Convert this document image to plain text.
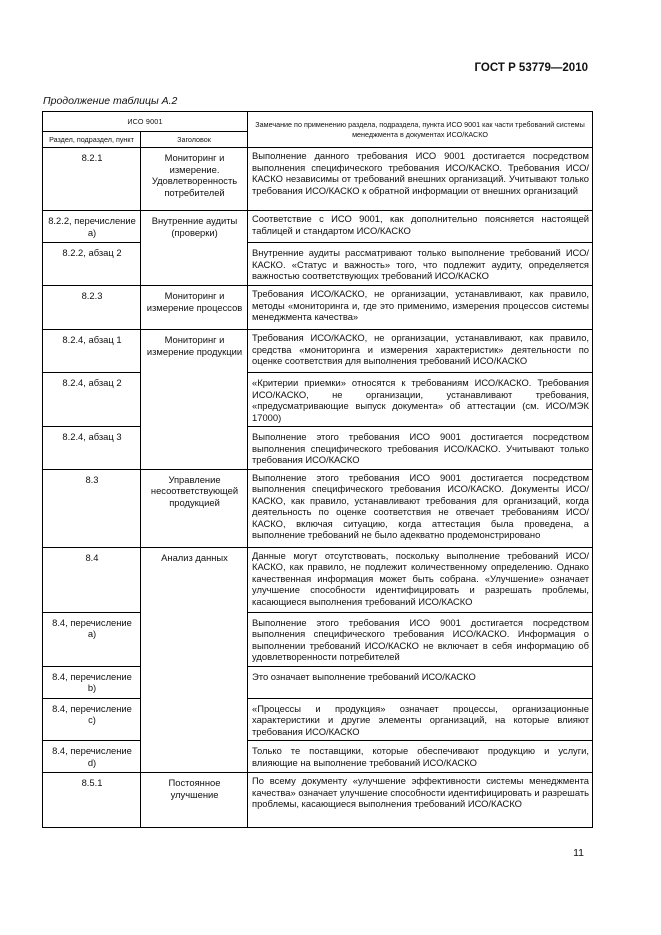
ГОСТ Р 53779—2010
Продолжение таблицы А.2
ИСО 9001		Замечание по применению раздела, подраздела, пункта ИСО 9001 как части требований системы менеджмента в документах ИСО/КАСКО
Раздел, подраздел, пункт	Заголовок	
8.2.1	Мониторинг и измерение. Удовлетворенность потребителей	Выполнение данного требования ИСО 9001 достигается посредством выполнения специфического требования ИСО/КАСКО. Требования ИСО/КАСКО независимы от требований внешних организаций. Учитывают только требования ИСО/КАСКО к обратной информации от внешних организаций
8.2.2, перечисление а)	Внутренние аудиты (проверки)	Соответствие с ИСО 9001, как дополнительно поясняется настоящей таблицей и стандартом ИСО/КАСКО
8.2.2, абзац 2		Внутренние аудиты рассматривают только выполнение требований ИСО/КАСКО. «Статус и важность» того, что подлежит аудиту, определяется важностью соответствующих требований ИСО/КАСКО
8.2.3	Мониторинг и измерение процессов	Требования ИСО/КАСКО, не организации, устанавливают, как правило, методы «мониторинга и, где это применимо, измерения процессов системы менеджмента качества»
8.2.4, абзац 1	Мониторинг и измерение продукции	Требования ИСО/КАСКО, не организации, устанавливают, как правило, средства «мониторинга и измерения характеристик» деятельности по оценке соответствия для выполнения требований ИСО/КАСКО
8.2.4, абзац 2		«Критерии приемки» относятся к требованиям ИСО/КАСКО. Требования ИСО/КАСКО, не организации, устанавливают требования, «предусматривающие выпуск документа» об аттестации (см. ИСО/МЭК 17000)
8.2.4, абзац 3		Выполнение этого требования ИСО 9001 достигается посредством выполнения специфического требования ИСО/КАСКО. Учитывают только требования ИСО/КАСКО
8.3	Управление несоответствующей продукцией	Выполнение этого требования ИСО 9001 достигается посредством выполнения специфического требования ИСО/КАСКО. Документы ИСО/КАСКО, как правило, устанавливают требования для организаций, когда деятельность по оценке соответствия не отвечает требованиям ИСО/КАСКО, включая ситуацию, когда аттестация была проведена, а выполнение требований не было адекватно продемонстрировано
8.4	Анализ данных	Данные могут отсутствовать, поскольку выполнение требований ИСО/КАСКО, как правило, не подлежит количественному определению. Однако качественная информация может быть собрана. «Улучшение» означает улучшение способности идентифицировать и разрешать проблемы, касающиеся выполнения требований ИСО/КАСКО
8.4, перечисление а)		Выполнение этого требования ИСО 9001 достигается посредством выполнения специфического требования ИСО/КАСКО. Информация о выполнении требований ИСО/КАСКО не включает в себя информацию об удовлетворенности потребителей
8.4, перечисление b)		Это означает выполнение требований ИСО/КАСКО
8.4, перечисление c)		«Процессы и продукция» означает процессы, организационные характеристики и другие элементы организаций, на которые влияют требования ИСО/КАСКО
8.4, перечисление d)		Только те поставщики, которые обеспечивают продукцию и услуги, влияющие на выполнение требований ИСО/КАСКО
8.5.1	Постоянное улучшение	По всему документу «улучшение эффективности системы менеджмента качества» означает улучшение способности идентифицировать и разрешать проблемы, касающиеся выполнения требований ИСО/КАСКО
11
